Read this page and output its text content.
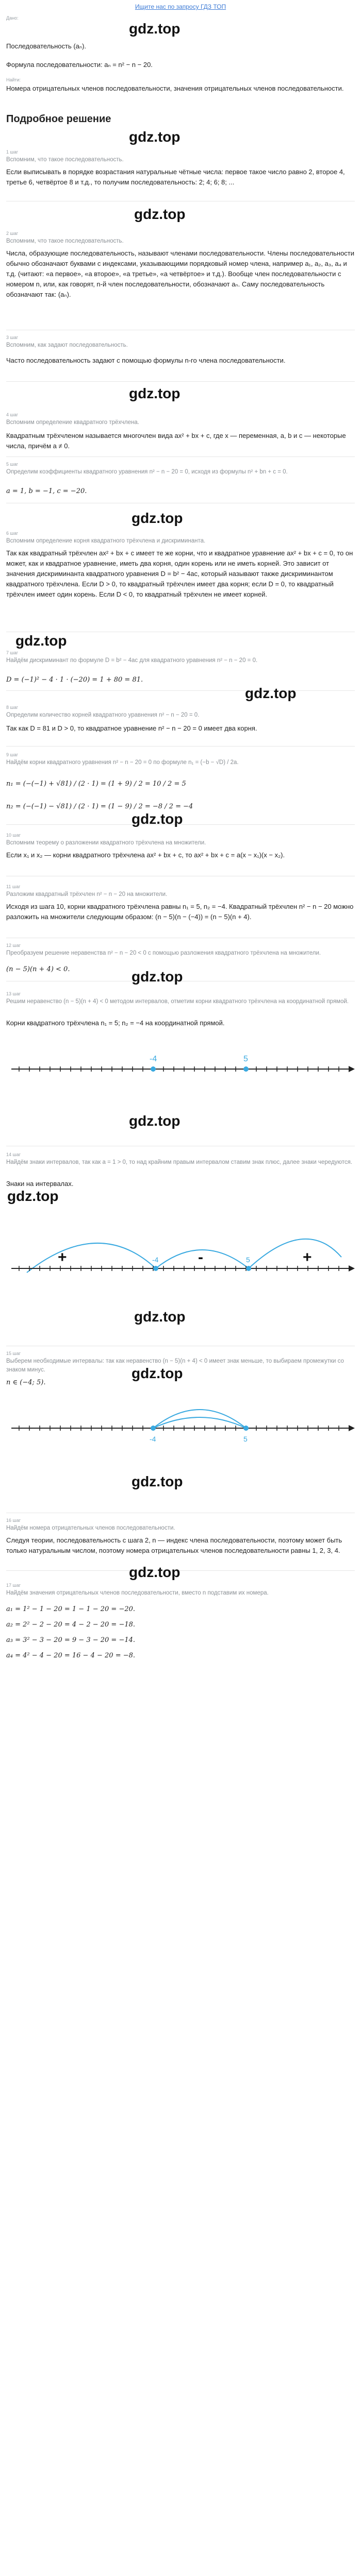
Ищите нас по запросу ГДЗ ТОП
Дано:
gdz.top
Последовательность (aₙ).
Формула последовательности: aₙ = n² − n − 20.
Найти:
Номера отрицательных членов последовательности, значения отрицательных членов последовательности.
Подробное решение
gdz.top
1 шаг
Вспомним, что такое последовательность.
Если выписывать в порядке возрастания натуральные чётные числа: первое такое число равно 2, второе 4, третье 6, четвёртое 8 и т.д., то получим последовательность: 2; 4; 6; 8; ...
gdz.top
2 шаг
Вспомним, что такое последовательность.
Числа, образующие последовательность, называют членами последовательности. Члены последовательности обычно обозначают буквами с индексами, указывающими порядковый номер члена, например a₁, a₂, a₃, a₄ и т.д. (читают: «a первое», «a второе», «a третье», «a четвёртое» и т.д.). Вообще член последовательности с номером n, или, как говорят, n-й член последовательности, обозначают aₙ. Саму последовательность обозначают так: (aₙ).
3 шаг
Вспомним, как задают последовательность.
Часто последовательность задают с помощью формулы n-го члена последовательности.
gdz.top
4 шаг
Вспомним определение квадратного трёхчлена.
Квадратным трёхчленом называется многочлен вида ax² + bx + c, где x — переменная, a, b и c — некоторые числа, причём a ≠ 0.
5 шаг
Определим коэффициенты квадратного уравнения n² − n − 20 = 0, исходя из формулы n² + bn + c = 0.
a = 1, b = −1, c = −20.
gdz.top
6 шаг
Вспомним определение корня квадратного трёхчлена и дискриминанта.
Так как квадратный трёхчлен ax² + bx + c имеет те же корни, что и квадратное уравнение ax² + bx + c = 0, то он может, как и квадратное уравнение, иметь два корня, один корень или не иметь корней. Это зависит от значения дискриминанта квадратного уравнения D = b² − 4ac, который называют также дискриминантом квадратного трёхчлена. Если D > 0, то квадратный трёхчлен имеет два корня; если D = 0, то квадратный трёхчлен имеет один корень. Если D < 0, то квадратный трёхчлен не имеет корней.
gdz.top
7 шаг
Найдём дискриминант по формуле D = b² − 4ac для квадратного уравнения n² − n − 20 = 0.
D = (−1)² − 4 · 1 · (−20) = 1 + 80 = 81.
gdz.top
8 шаг
Определим количество корней квадратного уравнения n² − n − 20 = 0.
Так как D = 81 и D > 0, то квадратное уравнение n² − n − 20 = 0 имеет два корня.
9 шаг
Найдём корни квадратного уравнения n² − n − 20 = 0 по формуле n₁ = (−b − √D) / 2a.
n₁ = (−(−1) + √81) / (2 · 1) = (1 + 9) / 2 = 10 / 2 = 5
n₂ = (−(−1) − √81) / (2 · 1) = (1 − 9) / 2 = −8 / 2 = −4
gdz.top
10 шаг
Вспомним теорему о разложении квадратного трёхчлена на множители.
Если x₁ и x₂ — корни квадратного трёхчлена ax² + bx + c, то ax² + bx + c = a(x − x₁)(x − x₂).
11 шаг
Разложим квадратный трёхчлен n² − n − 20 на множители.
Исходя из шага 10, корни квадратного трёхчлена равны n₁ = 5, n₂ = −4. Квадратный трёхчлен n² − n − 20 можно разложить на множители следующим образом: (n − 5)(n − (−4)) = (n − 5)(n + 4).
12 шаг
Преобразуем решение неравенства n² − n − 20 < 0 с помощью разложения квадратного трёхчлена на множители.
(n − 5)(n + 4) < 0.	gdz.top
13 шаг
Решим неравенство (n − 5)(n + 4) < 0 методом интервалов, отметим корни квадратного трёхчлена на координатной прямой.
Корни квадратного трёхчлена n₁ = 5; n₂ = −4 на координатной прямой.
-4	5
gdz.top
14 шаг
Найдём знаки интервалов, так как a = 1 > 0, то над крайним правым интервалом ставим знак плюс, далее знаки чередуются.
Знаки на интервалах.
gdz.top
-4	5
+	-	+
gdz.top
15 шаг
Выберем необходимые интервалы: так как неравенство (n − 5)(n + 4) < 0 имеет знак меньше, то выбираем промежутки со знаком минус.
n ∈ (−4; 5).
-4	5
gdz.top
gdz.top
16 шаг
Найдём номера отрицательных членов последовательности.
Следуя теории, последовательность с шага 2, n — индекс члена последовательности, поэтому может быть только натуральным числом, поэтому номера отрицательных членов последовательности равны 1, 2, 3, 4.
gdz.top
17 шаг
Найдём значения отрицательных членов последовательности, вместо n подставим их номера.
a₁ = 1² − 1 − 20 = 1 − 1 − 20 = −20.
a₂ = 2² − 2 − 20 = 4 − 2 − 20 = −18.
a₃ = 3² − 3 − 20 = 9 − 3 − 20 = −14.
a₄ = 4² − 4 − 20 = 16 − 4 − 20 = −8.
